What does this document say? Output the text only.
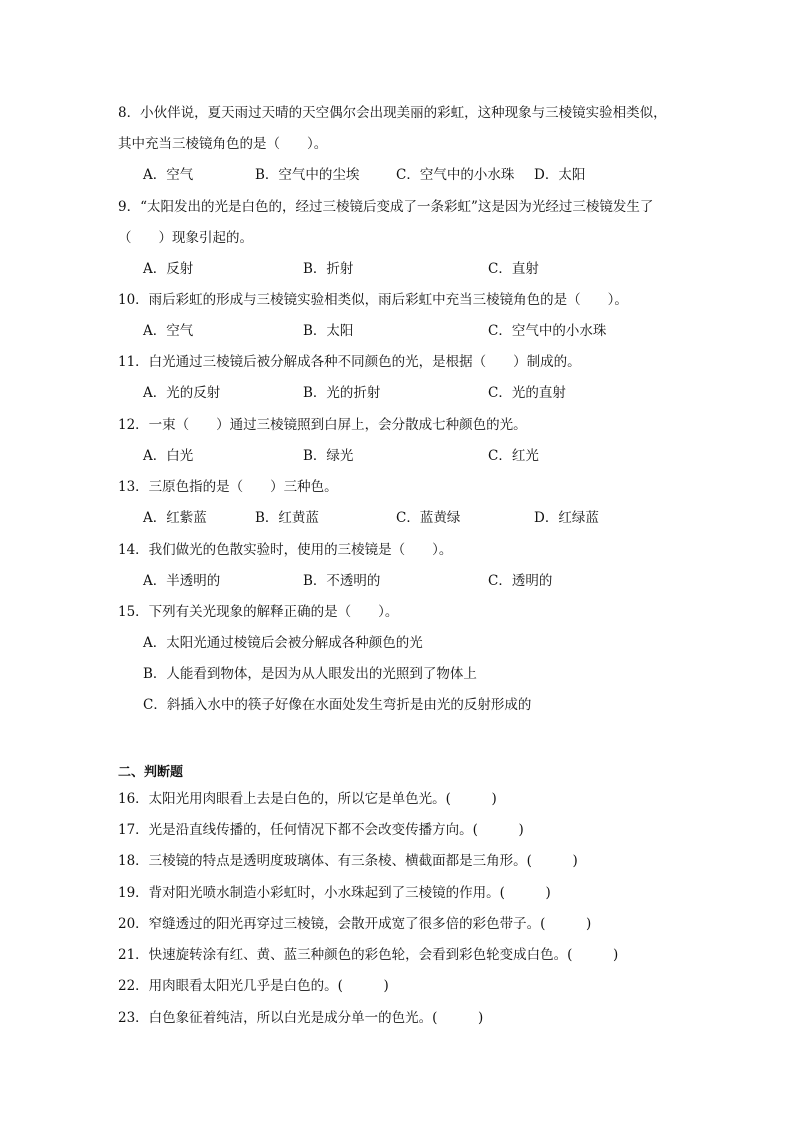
8．小伙伴说，夏天雨过天晴的天空偶尔会出现美丽的彩虹，这种现象与三棱镜实验相类似，
其中充当三棱镜角色的是（　　）。
A．空气	B．空气中的尘埃	C．空气中的小水珠 D．太阳
9．“太阳发出的光是白色的，经过三棱镜后变成了一条彩虹”这是因为光经过三棱镜发生了
（　　）现象引起的。
A．反射	B．折射	C．直射
10．雨后彩虹的形成与三棱镜实验相类似，雨后彩虹中充当三棱镜角色的是（　　）。
A．空气	B．太阳	C．空气中的小水珠
11．白光通过三棱镜后被分解成各种不同颜色的光，是根据（　　）制成的。
A．光的反射	B．光的折射	C．光的直射
12．一束（　　）通过三棱镜照到白屏上，会分散成七种颜色的光。
A．白光	B．绿光	C．红光
13．三原色指的是（　　）三种色。
A．红紫蓝	B．红黄蓝	C．蓝黄绿	D．红绿蓝
14．我们做光的色散实验时，使用的三棱镜是（　　）。
A．半透明的	B．不透明的	C．透明的
15．下列有关光现象的解释正确的是（　　）。
A．太阳光通过棱镜后会被分解成各种颜色的光
B．人能看到物体，是因为从人眼发出的光照到了物体上
C．斜插入水中的筷子好像在水面处发生弯折是由光的反射形成的
二、判断题
16．太阳光用肉眼看上去是白色的，所以它是单色光。(　　　)
17．光是沿直线传播的，任何情况下都不会改变传播方向。(　　　)
18．三棱镜的特点是透明度玻璃体、有三条棱、横截面都是三角形。(　　　)
19．背对阳光喷水制造小彩虹时，小水珠起到了三棱镜的作用。(　　　)
20．窄缝透过的阳光再穿过三棱镜，会散开成宽了很多倍的彩色带子。(　　　)
21．快速旋转涂有红、黄、蓝三种颜色的彩色轮，会看到彩色轮变成白色。(　　　)
22．用肉眼看太阳光几乎是白色的。(　　　)
23．白色象征着纯洁，所以白光是成分单一的色光。(　　　)
